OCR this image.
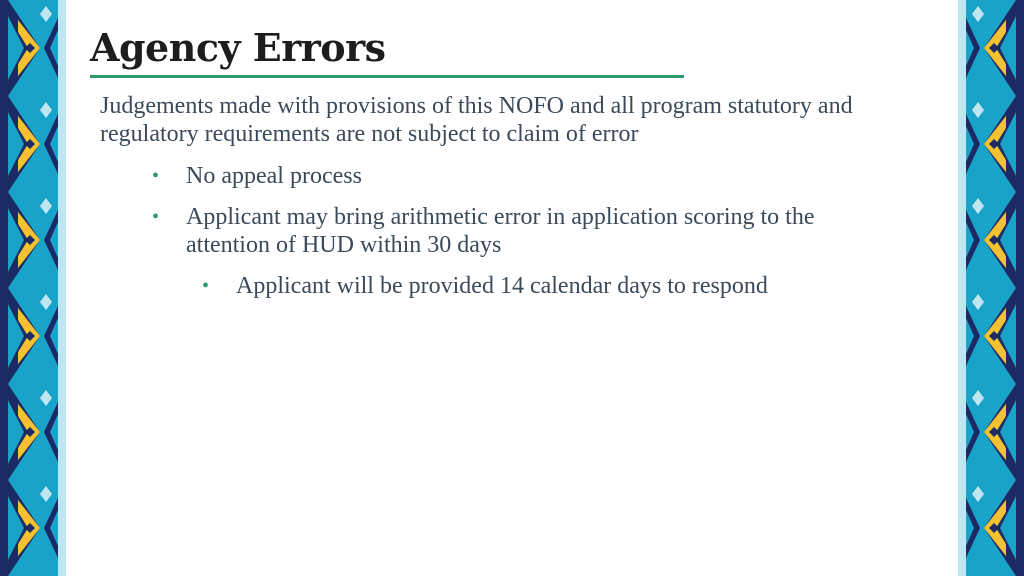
Agency Errors

Judgements made with provisions of this NOFO and all program statutory and regulatory requirements are not subject to claim of error

• No appeal process
• Applicant may bring arithmetic error in application scoring to the attention of HUD within 30 days
• Applicant will be provided 14 calendar days to respond
